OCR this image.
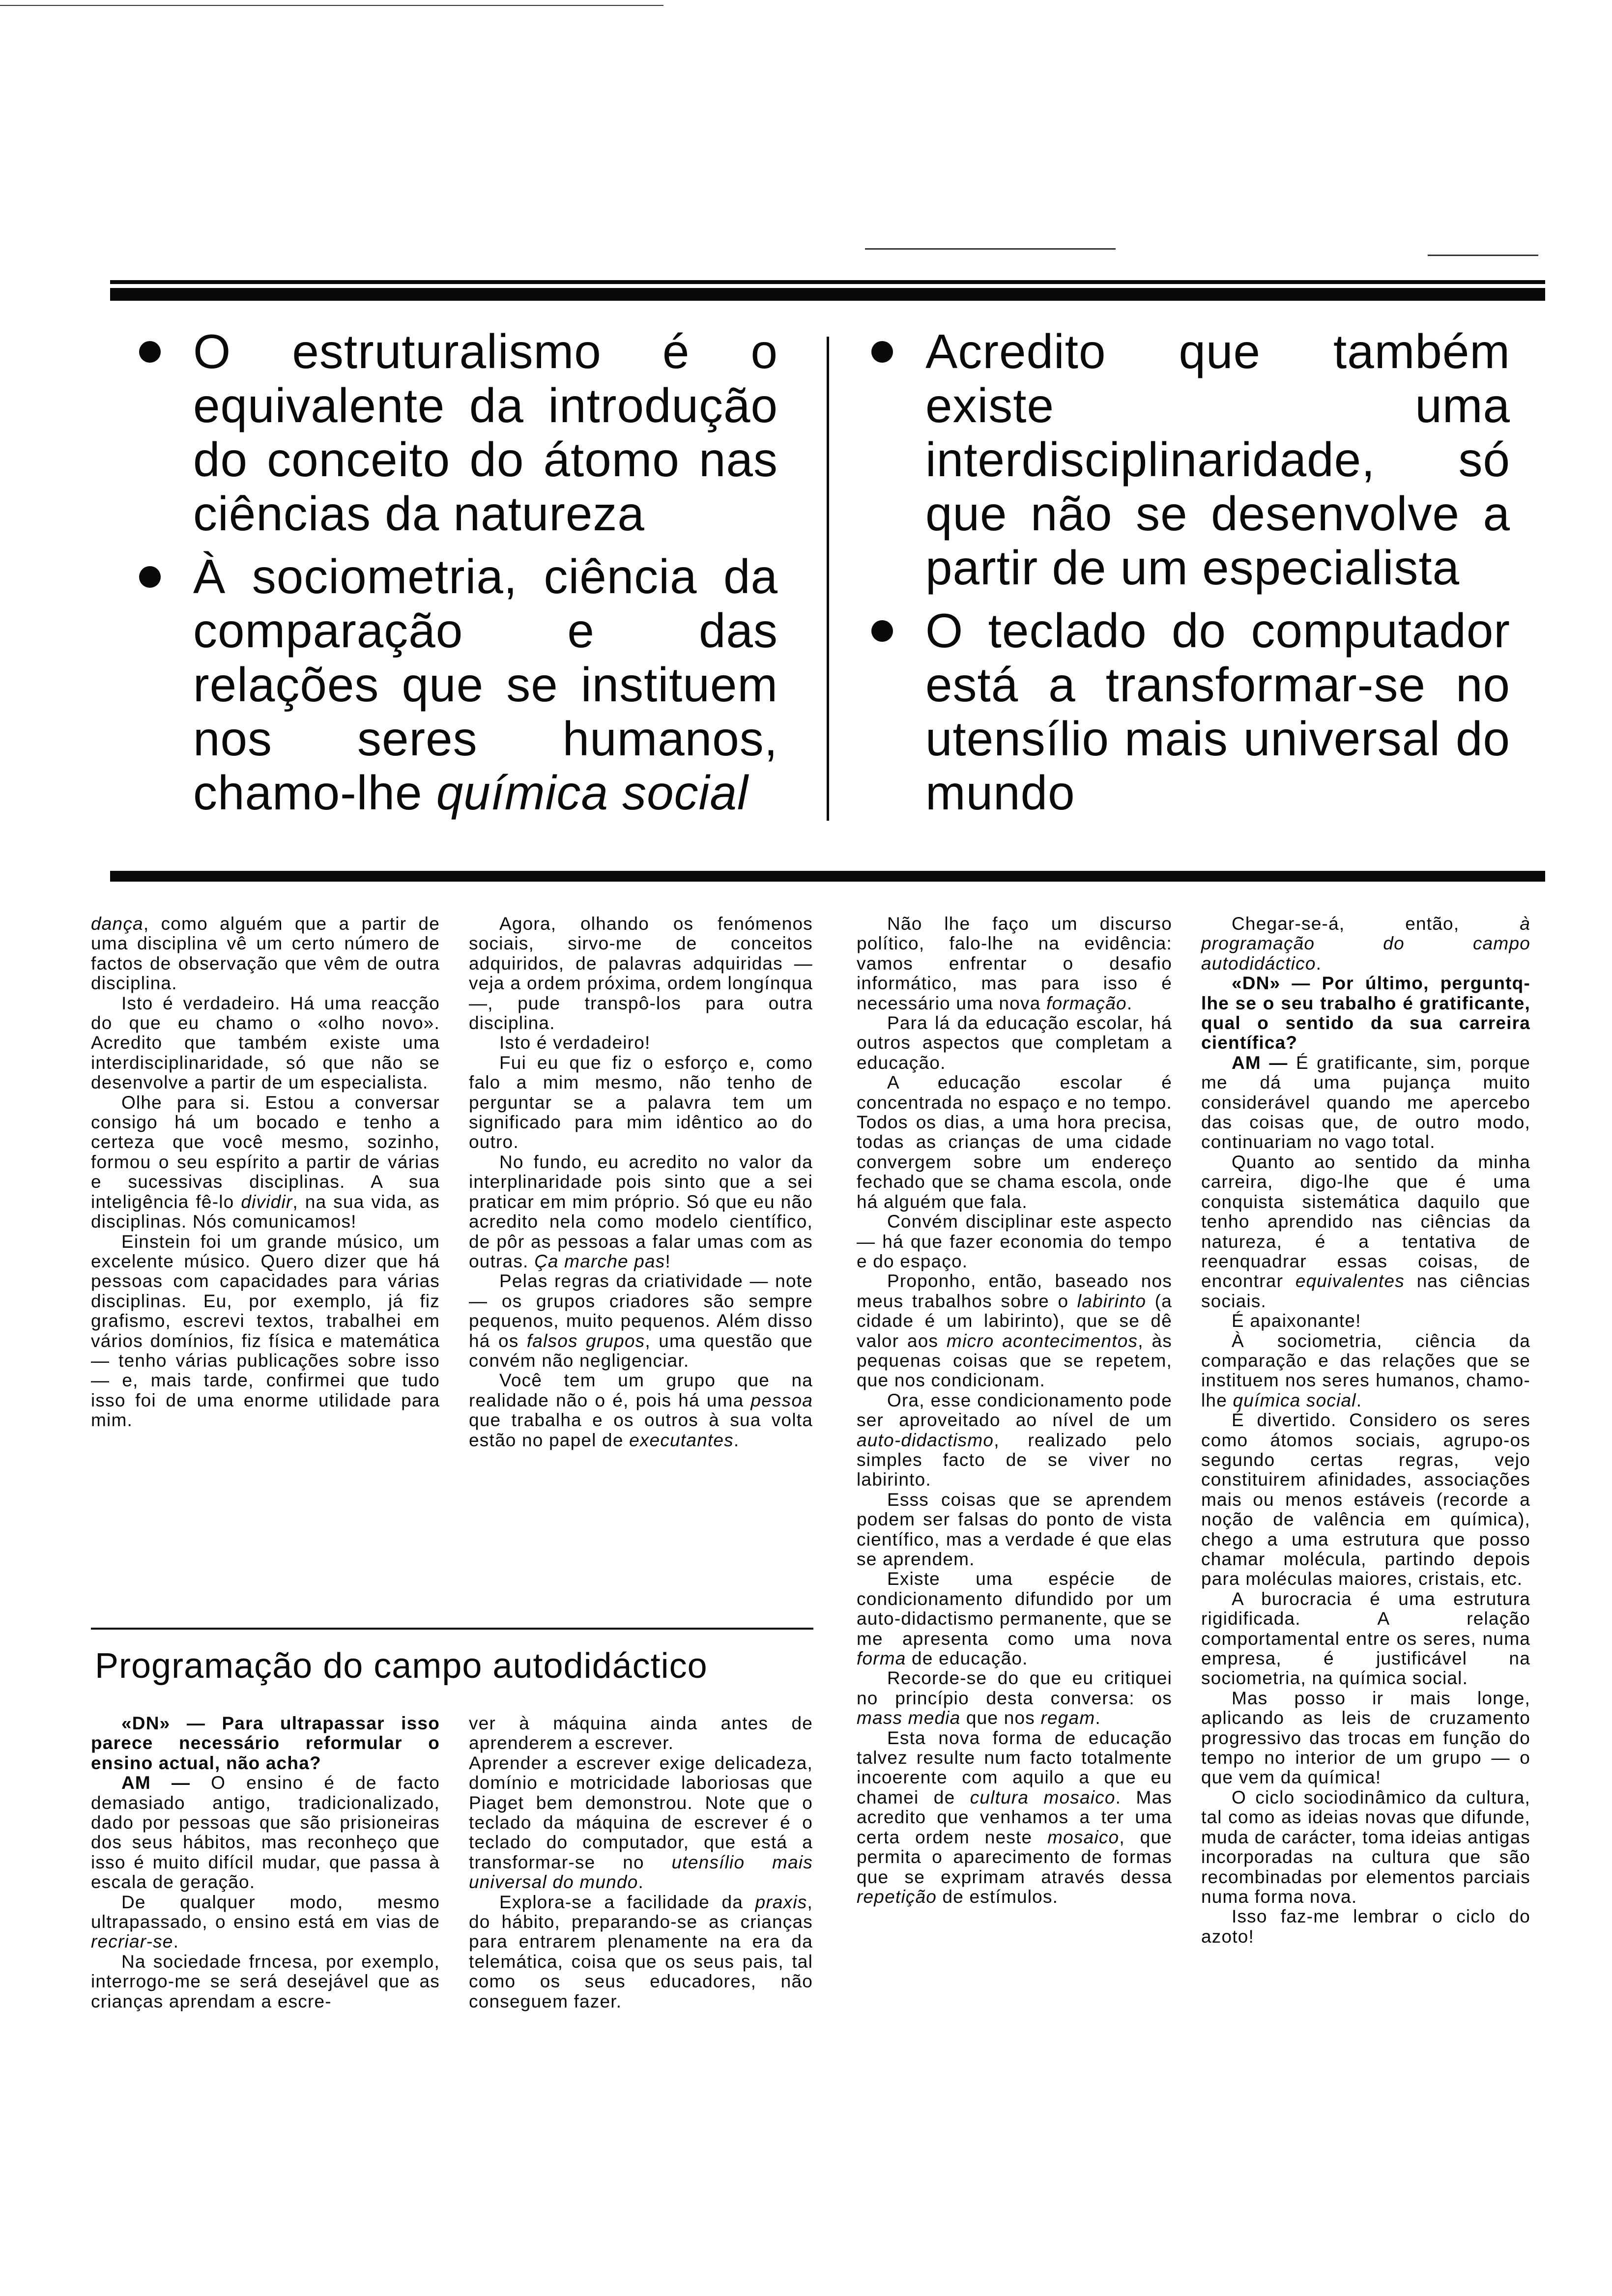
O estruturalismo é o equivalente da introdução do conceito do átomo nas ciências da natureza
À sociometria, ciência da comparação e das relações que se instituem nos seres humanos, chamo-lhe química social
Acredito que também existe uma interdisciplinaridade, só que não se desenvolve a partir de um especialista
O teclado do computador está a transformar-se no utensílio mais universal do mundo

dança, como alguém que a partir de uma disciplina vê um certo número de factos de observação que vêm de outra disciplina.

Isto é verdadeiro. Há uma reacção do que eu chamo o «olho novo». Acredito que também existe uma interdisciplinaridade, só que não se desenvolve a partir de um especialista.

Olhe para si. Estou a conversar consigo há um bocado e tenho a certeza que você mesmo, sozinho, formou o seu espírito a partir de várias e sucessivas disciplinas. A sua inteligência fê-lo dividir, na sua vida, as disciplinas. Nós comunicamos!

Einstein foi um grande músico, um excelente músico. Quero dizer que há pessoas com capacidades para várias disciplinas. Eu, por exemplo, já fiz grafismo, escrevi textos, trabalhei em vários domínios, fiz física e matemática — tenho várias publicações sobre isso — e, mais tarde, confirmei que tudo isso foi de uma enorme utilidade para mim.

Agora, olhando os fenómenos sociais, sirvo-me de conceitos adquiridos, de palavras adquiridas — veja a ordem próxima, ordem longínqua —, pude transpô-los para outra disciplina.

Isto é verdadeiro!

Fui eu que fiz o esforço e, como falo a mim mesmo, não tenho de perguntar se a palavra tem um significado para mim idêntico ao do outro.

No fundo, eu acredito no valor da interplinaridade pois sinto que a sei praticar em mim próprio. Só que eu não acredito nela como modelo científico, de pôr as pessoas a falar umas com as outras. Ça marche pas!

Pelas regras da criatividade — note — os grupos criadores são sempre pequenos, muito pequenos. Além disso há os falsos grupos, uma questão que convém não negligenciar.

Você tem um grupo que na realidade não o é, pois há uma pessoa que trabalha e os outros à sua volta estão no papel de executantes.

Não lhe faço um discurso político, falo-lhe na evidência: vamos enfrentar o desafio informático, mas para isso é necessário uma nova formação.

Para lá da educação escolar, há outros aspectos que completam a educação.

A educação escolar é concentrada no espaço e no tempo. Todos os dias, a uma hora precisa, todas as crianças de uma cidade convergem sobre um endereço fechado que se chama escola, onde há alguém que fala.

Convém disciplinar este aspecto — há que fazer economia do tempo e do espaço.

Proponho, então, baseado nos meus trabalhos sobre o labirinto (a cidade é um labirinto), que se dê valor aos micro acontecimentos, às pequenas coisas que se repetem, que nos condicionam.

Ora, esse condicionamento pode ser aproveitado ao nível de um auto-didactismo, realizado pelo simples facto de se viver no labirinto.

Esss coisas que se aprendem podem ser falsas do ponto de vista científico, mas a verdade é que elas se aprendem.

Existe uma espécie de condicionamento difundido por um auto-didactismo permanente, que se me apresenta como uma nova forma de educação.

Recorde-se do que eu critiquei no princípio desta conversa: os mass media que nos regam.

Esta nova forma de educação talvez resulte num facto totalmente incoerente com aquilo a que eu chamei de cultura mosaico. Mas acredito que venhamos a ter uma certa ordem neste mosaico, que permita o aparecimento de formas que se exprimam através dessa repetição de estímulos.

Chegar-se-á, então, à programação do campo autodidáctico.

«DN» — Por último, perguntq-lhe se o seu trabalho é gratificante, qual o sentido da sua carreira científica?

AM — É gratificante, sim, porque me dá uma pujança muito considerável quando me apercebo das coisas que, de outro modo, continuariam no vago total.

Quanto ao sentido da minha carreira, digo-lhe que é uma conquista sistemática daquilo que tenho aprendido nas ciências da natureza, é a tentativa de reenquadrar essas coisas, de encontrar equivalentes nas ciências sociais.

É apaixonante!

À sociometria, ciência da comparação e das relações que se instituem nos seres humanos, chamo-lhe química social.

É divertido. Considero os seres como átomos sociais, agrupo-os segundo certas regras, vejo constituirem afinidades, associações mais ou menos estáveis (recorde a noção de valência em química), chego a uma estrutura que posso chamar molécula, partindo depois para moléculas maiores, cristais, etc.

A burocracia é uma estrutura rigidificada. A relação comportamental entre os seres, numa empresa, é justificável na sociometria, na química social.

Mas posso ir mais longe, aplicando as leis de cruzamento progressivo das trocas em função do tempo no interior de um grupo — o que vem da química!

O ciclo sociodinâmico da cultura, tal como as ideias novas que difunde, muda de carácter, toma ideias antigas incorporadas na cultura que são recombinadas por elementos parciais numa forma nova.

Isso faz-me lembrar o ciclo do azoto!

Programação do campo autodidáctico

«DN» — Para ultrapassar isso parece necessário reformular o ensino actual, não acha?

AM — O ensino é de facto demasiado antigo, tradicionalizado, dado por pessoas que são prisioneiras dos seus hábitos, mas reconheço que isso é muito difícil mudar, que passa à escala de geração.

De qualquer modo, mesmo ultrapassado, o ensino está em vias de recriar-se.

Na sociedade frncesa, por exemplo, interrogo-me se será desejável que as crianças aprendam a escre-

ver à máquina ainda antes de aprenderem a escrever.

Aprender a escrever exige delicadeza, domínio e motricidade laboriosas que Piaget bem demonstrou. Note que o teclado da máquina de escrever é o teclado do computador, que está a transformar-se no utensílio mais universal do mundo.

Explora-se a facilidade da praxis, do hábito, preparando-se as crianças para entrarem plenamente na era da telemática, coisa que os seus pais, tal como os seus educadores, não conseguem fazer.
